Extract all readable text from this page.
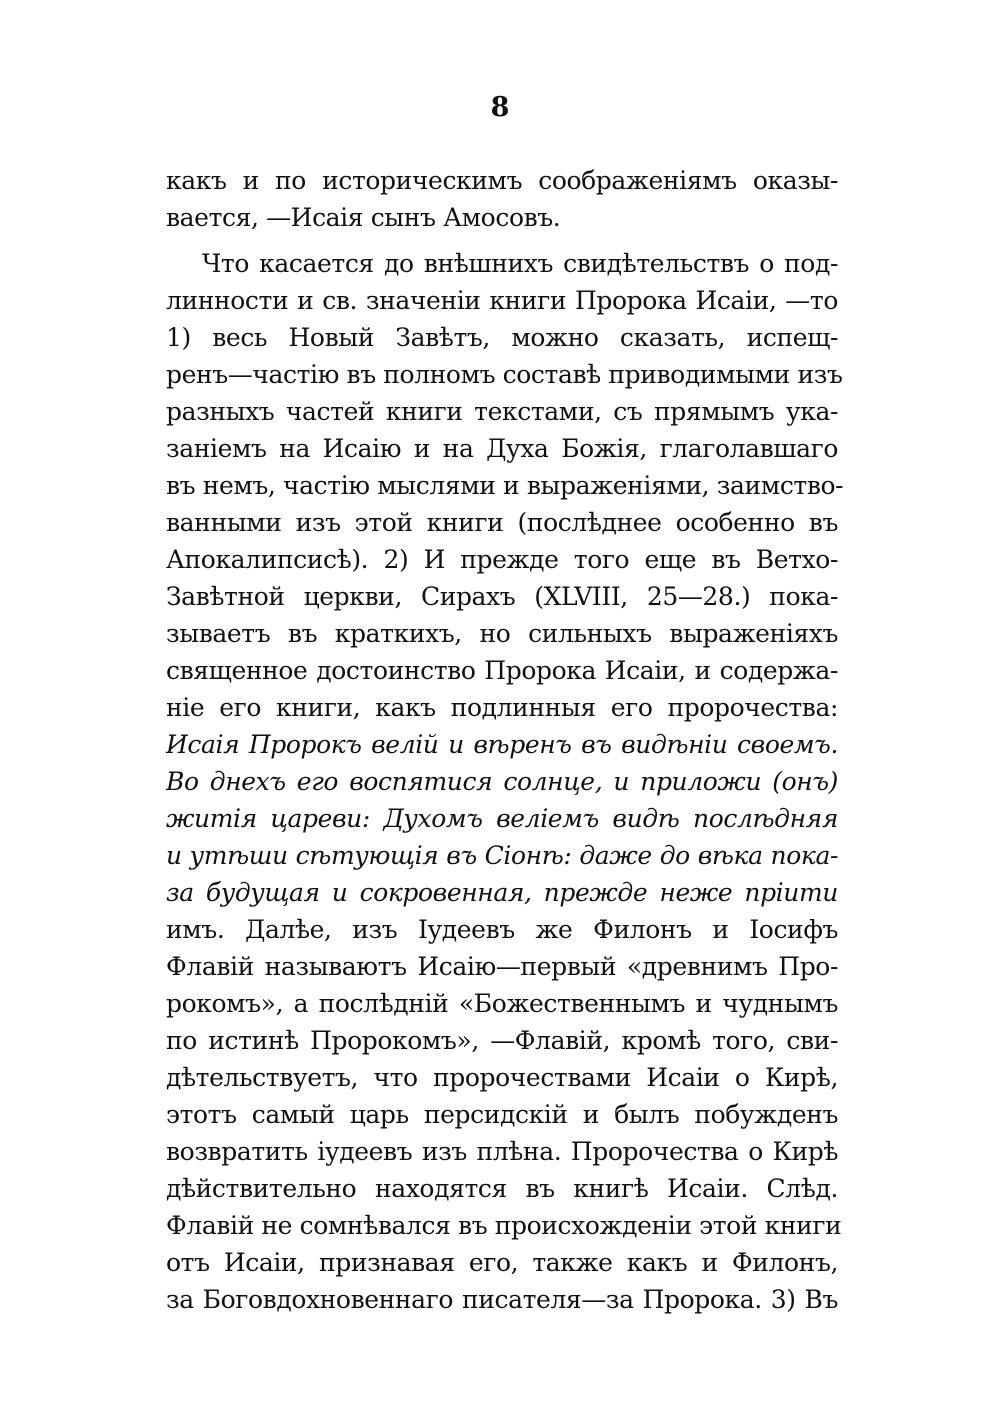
8
какъ и по историческимъ соображеніямъ оказы-
вается, —Исаія сынъ Амосовъ.
Что касается до внѣшнихъ свидѣтельствъ о под-
линности и св. значеніи книги Пророка Исаіи, —то
1) весь Новый Завѣтъ, можно сказать, испещ-
ренъ—частію въ полномъ составѣ приводимыми изъ
разныхъ частей книги текстами, съ прямымъ ука-
заніемъ на Исаію и на Духа Божія, глаголавшаго
въ немъ, частію мыслями и выраженіями, заимство-
ванными изъ этой книги (послѣднее особенно въ
Апокалипсисѣ). 2) И прежде того еще въ Ветхо-
Завѣтной церкви, Сирахъ (XLVIII, 25—28.) пока-
зываетъ въ краткихъ, но сильныхъ выраженіяхъ
священное достоинство Пророка Исаіи, и содержа-
ніе его книги, какъ подлинныя его пророчества:
Исаія Пророкъ велій и вѣренъ въ видѣніи своемъ.
Во днехъ его воспятися солнце, и приложи (онъ)
житія цареви: Духомъ веліемъ видѣ послѣдняя
и утѣши сѣтующія въ Сіонѣ: даже до вѣка пока-
за будущая и сокровенная, прежде неже пріити
имъ. Далѣе, изъ Іудеевъ же Филонъ и Іосифъ
Флавій называютъ Исаію—первый «древнимъ Про-
рокомъ», а послѣдній «Божественнымъ и чуднымъ
по истинѣ Пророкомъ», —Флавій, кромѣ того, сви-
дѣтельствуетъ, что пророчествами Исаіи о Кирѣ,
этотъ самый царь персидскій и былъ побужденъ
возвратить іудеевъ изъ плѣна. Пророчества о Кирѣ
дѣйствительно находятся въ книгѣ Исаіи. Слѣд.
Флавій не сомнѣвался въ происхожденіи этой книги
отъ Исаіи, признавая его, также какъ и Филонъ,
за Боговдохновеннаго писателя—за Пророка. 3) Въ
